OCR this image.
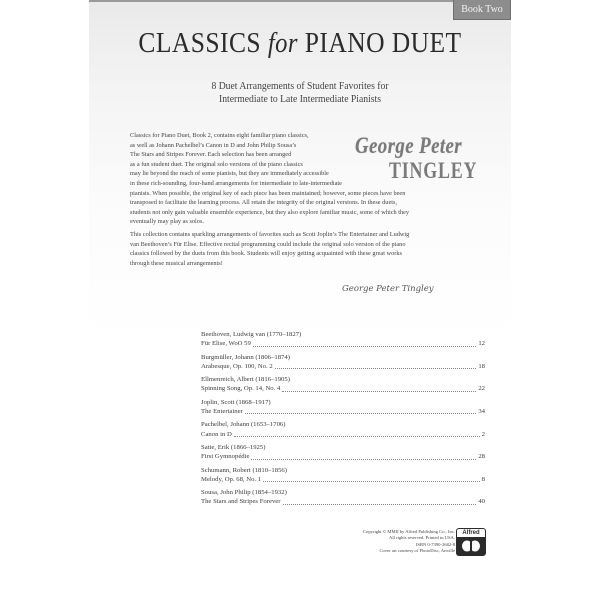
Book Two
CLASSICS for PIANO DUET
8 Duet Arrangements of Student Favorites for
Intermediate to Late Intermediate Pianists
George Peter
TINGLEY

Classics for Piano Duet, Book 2, contains eight familiar piano classics,
as well as Johann Pachelbel’s Canon in D and John Philip Sousa’s
The Stars and Stripes Forever. Each selection has been arranged
as a fun student duet. The original solo versions of the piano classics
may lie beyond the reach of some pianists, but they are immediately accessible
in these rich-sounding, four-hand arrangements for intermediate to late-intermediate
pianists. When possible, the original key of each piece has been maintained; however, some pieces have been
transposed to facilitate the learning process. All retain the integrity of the original versions. In these duets,
students not only gain valuable ensemble experience, but they also explore familiar music, some of which they
eventually may play as solos.

This collection contains sparkling arrangements of favorites such as Scott Joplin’s The Entertainer and Ludwig
van Beethoven’s Für Elise. Effective recital programming could include the original solo version of the piano
classics followed by the duets from this book. Students will enjoy getting acquainted with these great works
through these musical arrangements!

George Peter Tingley
Beethoven, Ludwig van (1770–1827)
Für Elise, WoO 59	12
Burgmüller, Johann (1806–1874)
Arabesque, Op. 100, No. 2	18
Ellmenreich, Albert (1816–1905)
Spinning Song, Op. 14, No. 4	22
Joplin, Scott (1868–1917)
The Entertainer	34
Pachelbel, Johann (1653–1706)
Canon in D	2
Satie, Erik (1866–1925)
First Gymnopédie	28
Schumann, Robert (1810–1856)
Melody, Op. 68, No. 1	8
Sousa, John Philip (1854–1932)
The Stars and Stripes Forever	40
Copyright © MMII by Alfred Publishing Co., Inc.
All rights reserved. Printed in USA.
ISBN 0-7390-2682-8
Cover art courtesy of PhotoDisc, Artville
Alfred
